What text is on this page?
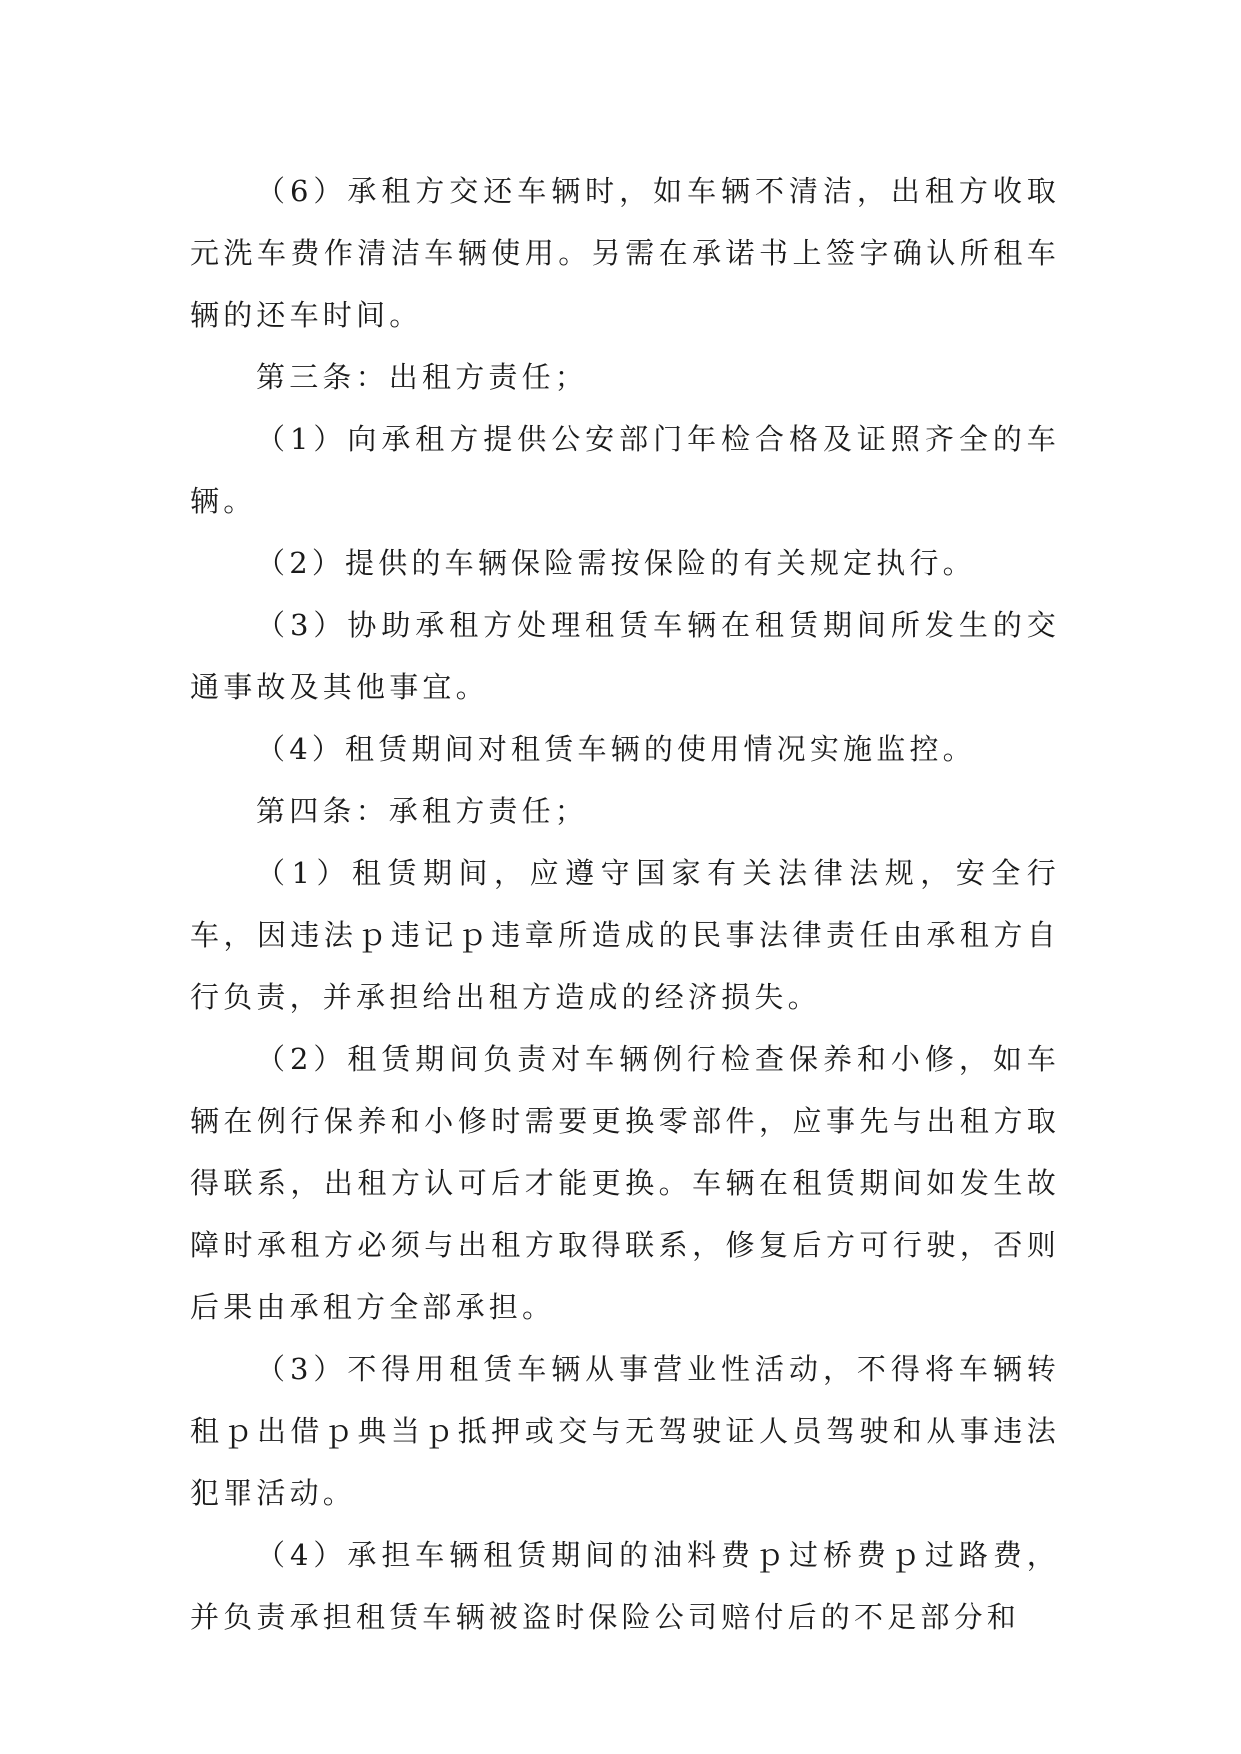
（6）承租方交还车辆时，如车辆不清洁，出租方收取元洗车费作清洁车辆使用。另需在承诺书上签字确认所租车辆的还车时间。

第三条：出租方责任；

（1）向承租方提供公安部门年检合格及证照齐全的车辆。

（2）提供的车辆保险需按保险的有关规定执行。

（3）协助承租方处理租赁车辆在租赁期间所发生的交通事故及其他事宜。

（4）租赁期间对租赁车辆的使用情况实施监控。

第四条：承租方责任；

（1）租赁期间，应遵守国家有关法律法规，安全行车，因违法ｐ违记ｐ违章所造成的民事法律责任由承租方自行负责，并承担给出租方造成的经济损失。

（2）租赁期间负责对车辆例行检查保养和小修，如车辆在例行保养和小修时需要更换零部件，应事先与出租方取得联系，出租方认可后才能更换。车辆在租赁期间如发生故障时承租方必须与出租方取得联系，修复后方可行驶，否则后果由承租方全部承担。

（3）不得用租赁车辆从事营业性活动，不得将车辆转租ｐ出借ｐ典当ｐ抵押或交与无驾驶证人员驾驶和从事违法犯罪活动。

（4）承担车辆租赁期间的油料费ｐ过桥费ｐ过路费，并负责承担租赁车辆被盗时保险公司赔付后的不足部分和
